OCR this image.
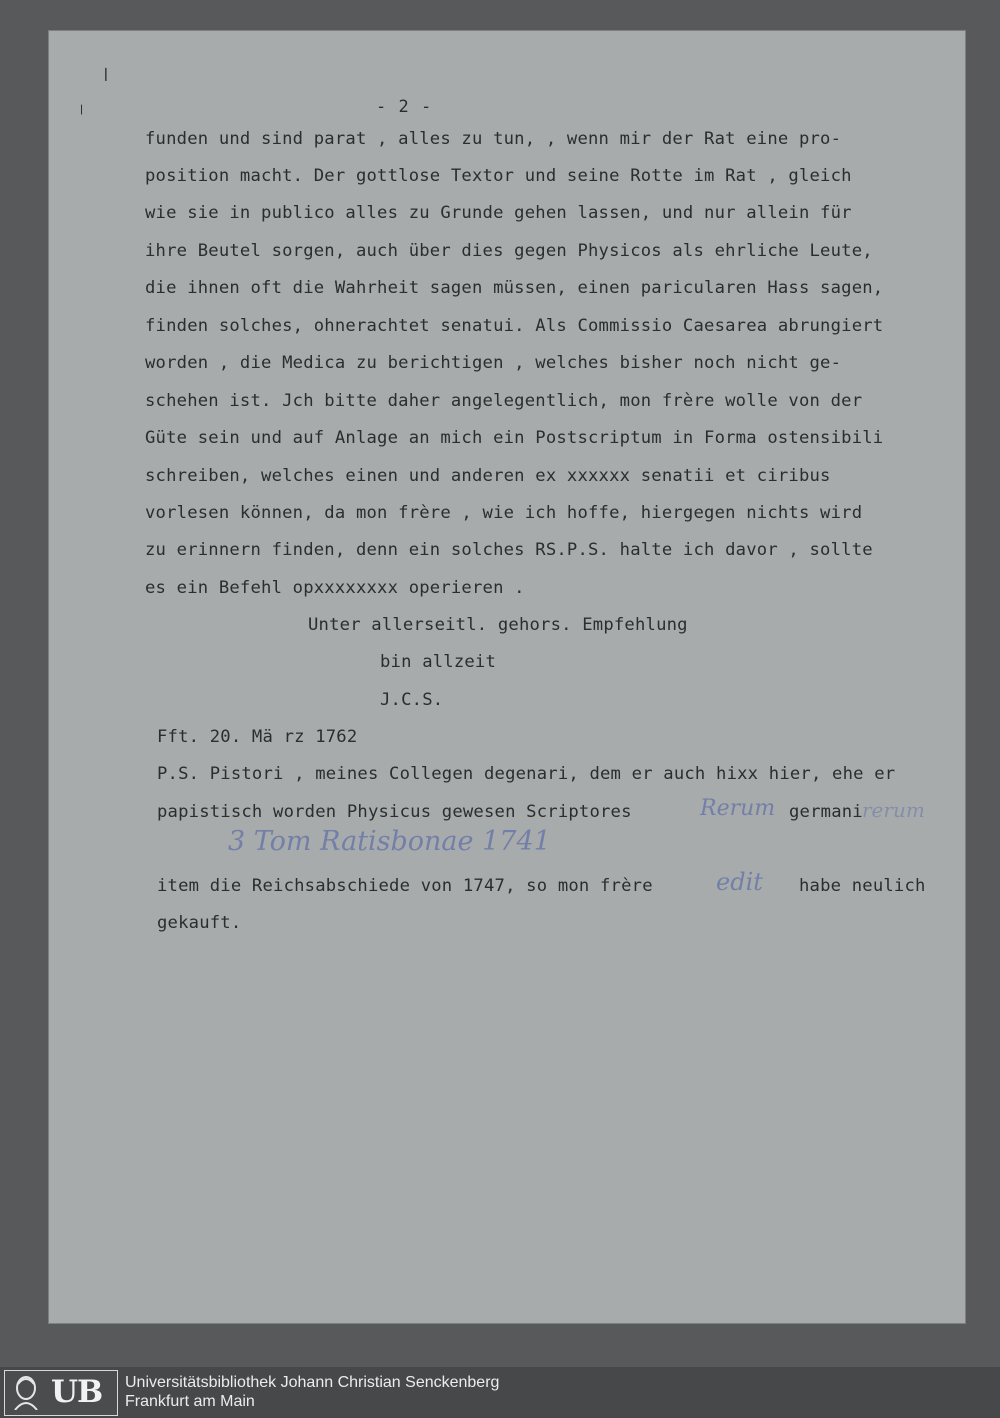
❘
❘	- 2 -
funden und sind parat , alles zu tun, , wenn mir der Rat eine pro-
position macht. Der gottlose Textor und seine Rotte im Rat , gleich
wie sie in publico alles zu Grunde gehen lassen, und nur allein für
ihre Beutel sorgen, auch über dies gegen Physicos als ehrliche Leute,
die ihnen oft die Wahrheit sagen müssen, einen paricularen Hass sagen,
finden solches, ohnerachtet senatui. Als Commissio Caesarea abrungiert
worden , die Medica zu berichtigen , welches bisher noch nicht ge-
schehen ist. Jch bitte daher angelegentlich, mon frère wolle von der
Güte sein und auf Anlage an mich ein Postscriptum in Forma ostensibili
schreiben, welches einen und anderen ex xxxxxx senatii et ciribus
vorlesen können, da mon frère , wie ich hoffe, hiergegen nichts wird
zu erinnern finden, denn ein solches RS.P.S. halte ich davor , sollte
es ein Befehl opxxxxxxxx operieren .
Unter allerseitl. gehors. Empfehlung
bin allzeit
J.C.S.
Fft. 20. Mä rz 1762
P.S. Pistori , meines Collegen degenari, dem er auch hixx hier, ehe er
papistisch worden Physicus gewesen Scriptores	Rerum germani rerum
3 Tom Ratisbonae 1741
item die Reichsabschiede von 1747, so mon frère	edit habe neulich
gekauft.
UB Universitätsbibliothek Johann Christian Senckenberg
Frankfurt am Main
